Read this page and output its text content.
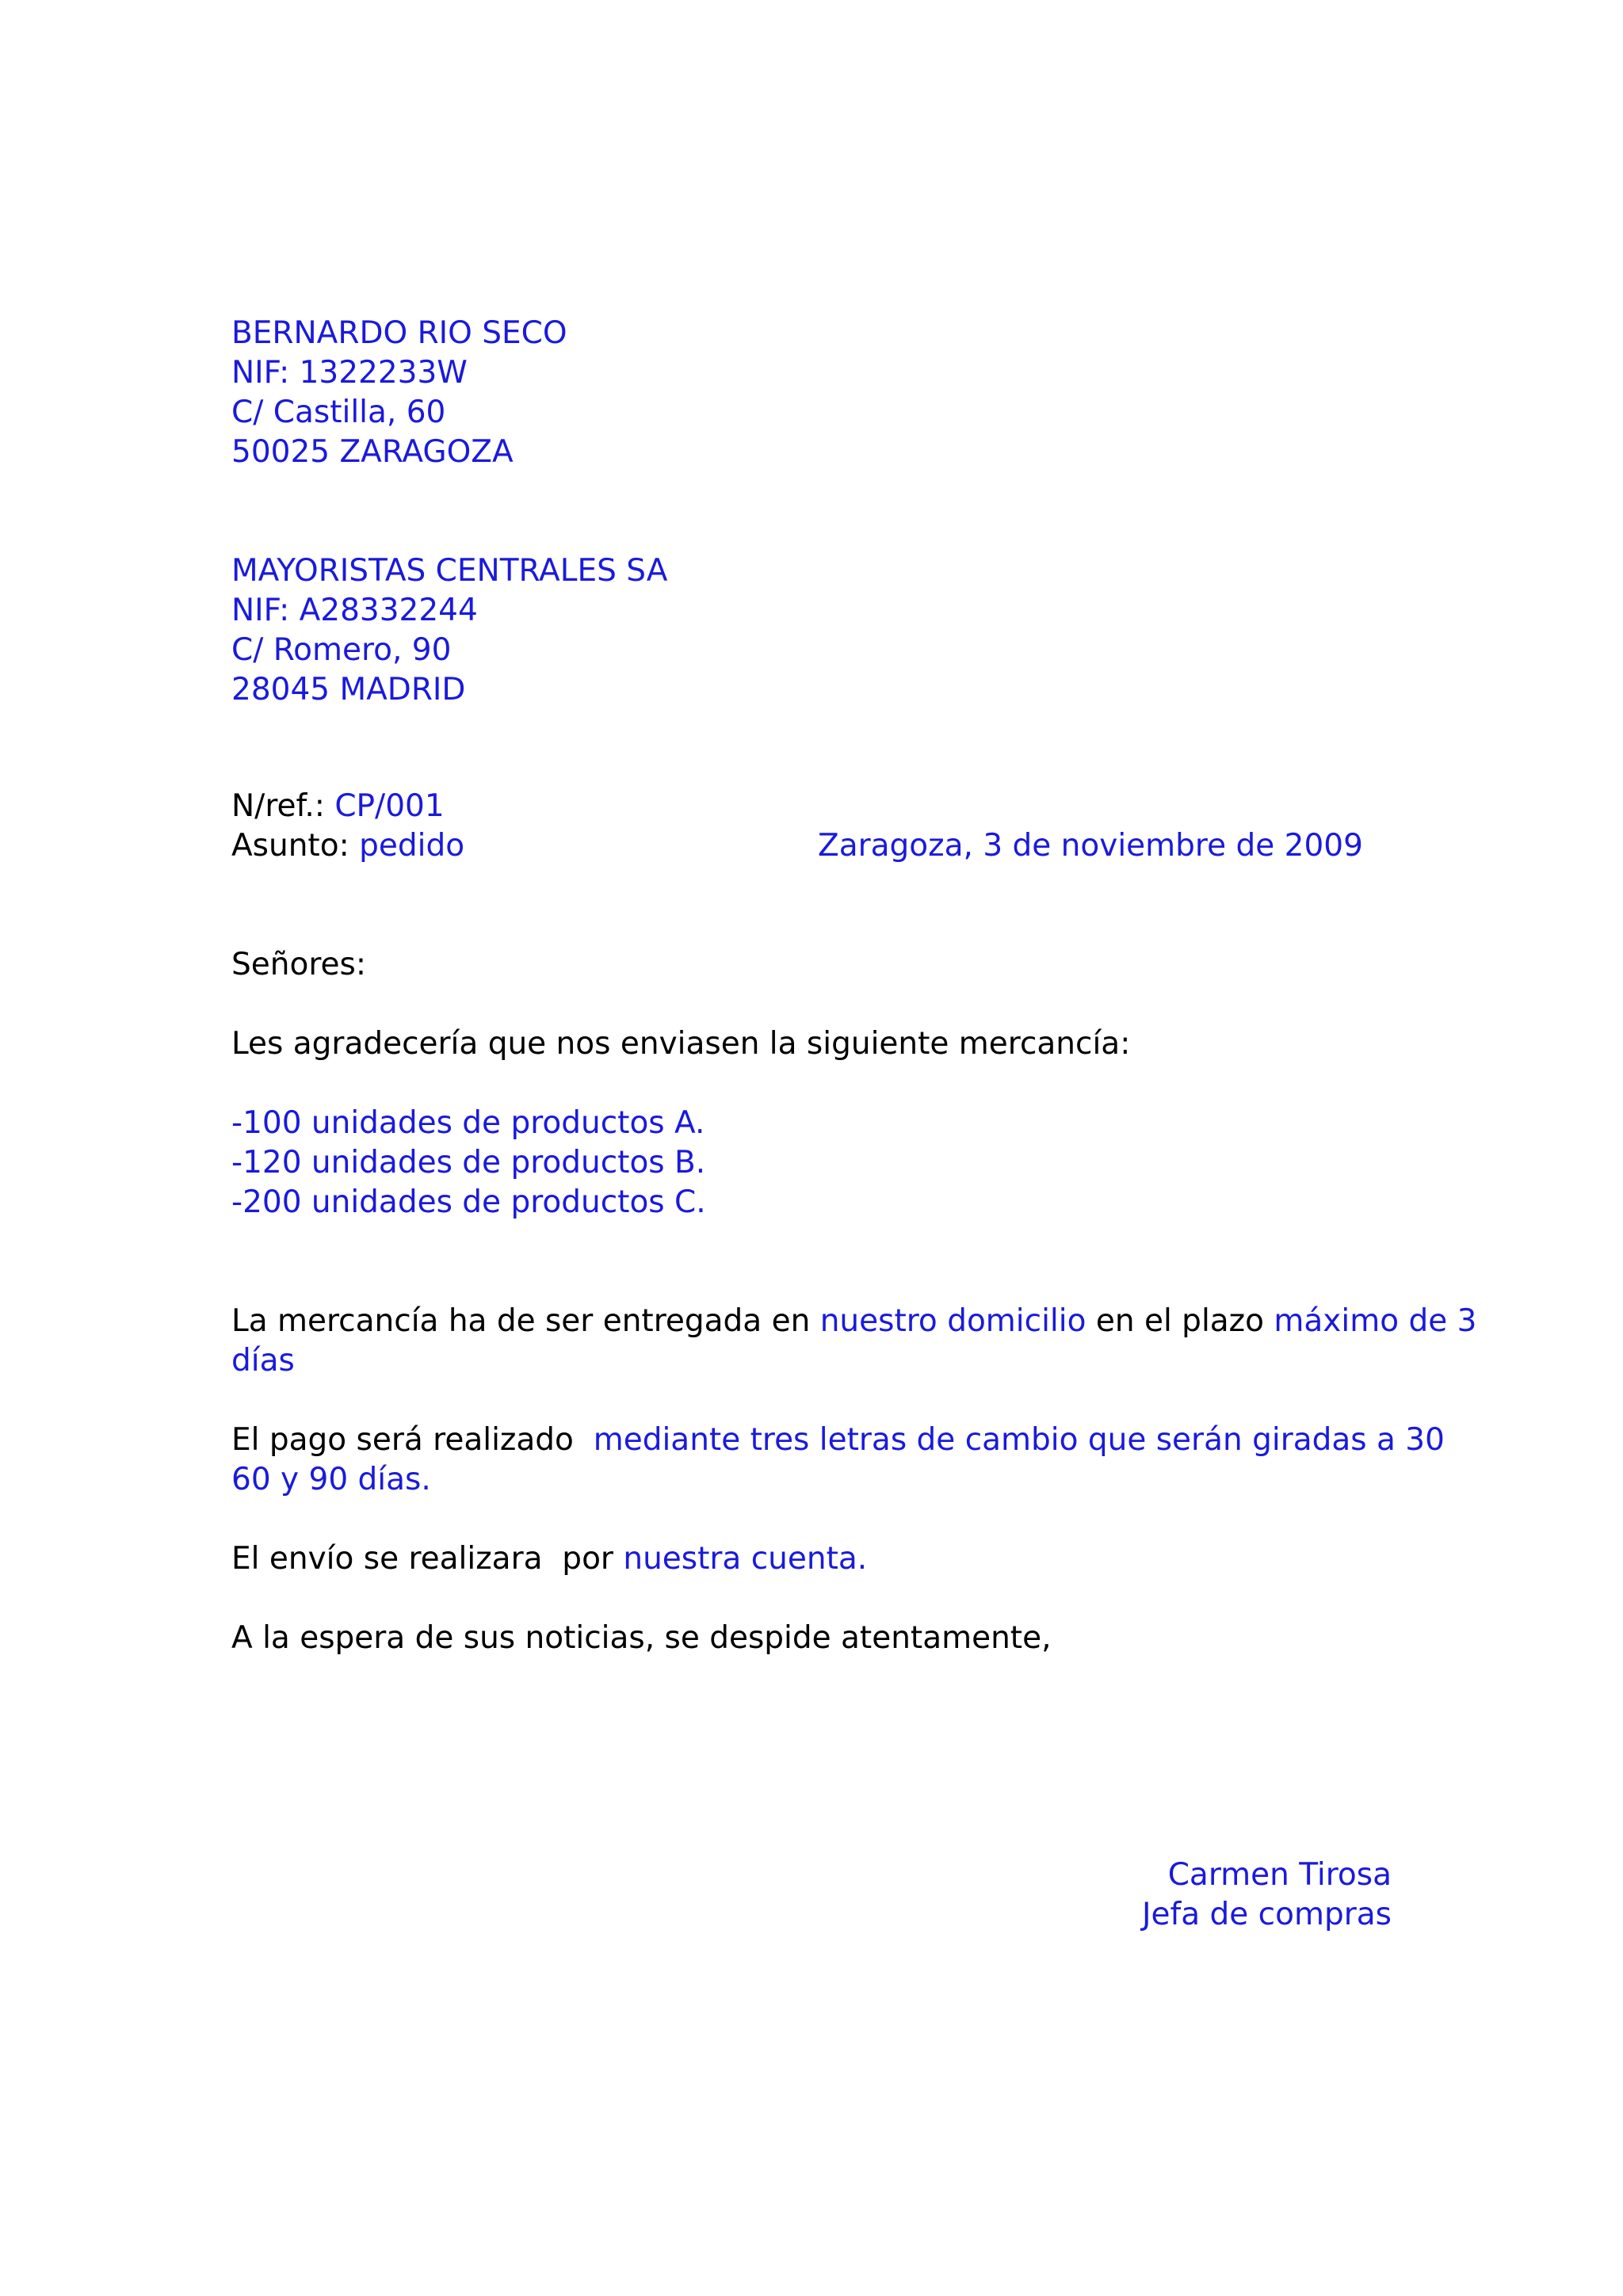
BERNARDO RIO SECO
NIF: 1322233W
C/ Castilla, 60
50025 ZARAGOZA
MAYORISTAS CENTRALES SA
NIF: A28332244
C/ Romero, 90
28045 MADRID
N/ref.: CP/001
Asunto: pedido	Zaragoza, 3 de noviembre de 2009
Señores:
Les agradecería que nos enviasen la siguiente mercancía:
-100 unidades de productos A.
-120 unidades de productos B.
-200 unidades de productos C.
La mercancía ha de ser entregada en nuestro domicilio en el plazo máximo de 3
días
El pago será realizado  mediante tres letras de cambio que serán giradas a 30
60 y 90 días.
El envío se realizara  por nuestra cuenta.
A la espera de sus noticias, se despide atentamente,
Carmen Tirosa
Jefa de compras
